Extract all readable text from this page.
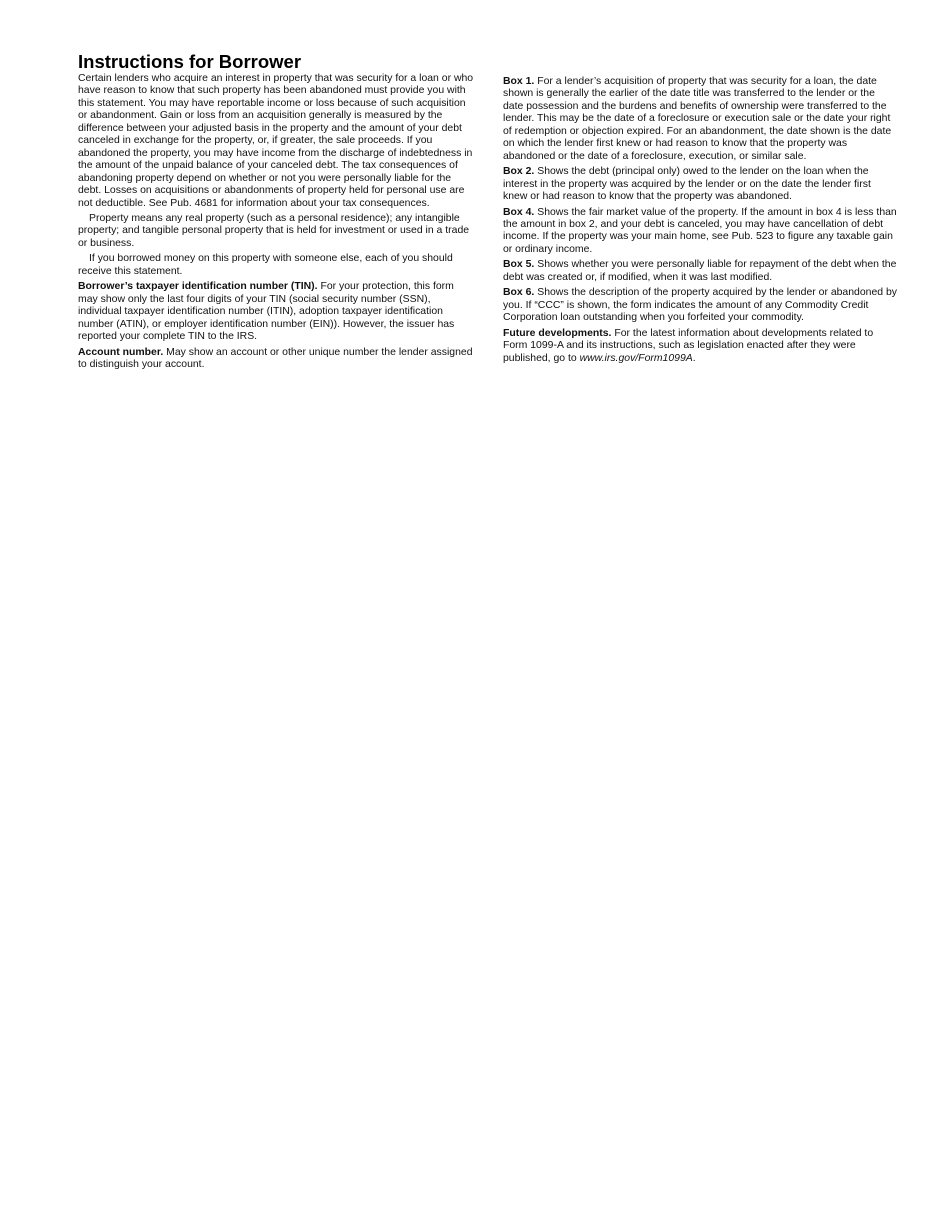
Instructions for Borrower

Certain lenders who acquire an interest in property that was security for a loan or who have reason to know that such property has been abandoned must provide you with this statement. You may have reportable income or loss because of such acquisition or abandonment. Gain or loss from an acquisition generally is measured by the difference between your adjusted basis in the property and the amount of your debt canceled in exchange for the property, or, if greater, the sale proceeds. If you abandoned the property, you may have income from the discharge of indebtedness in the amount of the unpaid balance of your canceled debt. The tax consequences of abandoning property depend on whether or not you were personally liable for the debt. Losses on acquisitions or abandonments of property held for personal use are not deductible. See Pub. 4681 for information about your tax consequences.

Property means any real property (such as a personal residence); any intangible property; and tangible personal property that is held for investment or used in a trade or business.

If you borrowed money on this property with someone else, each of you should receive this statement.

Borrower’s taxpayer identification number (TIN). For your protection, this form may show only the last four digits of your TIN (social security number (SSN), individual taxpayer identification number (ITIN), adoption taxpayer identification number (ATIN), or employer identification number (EIN)). However, the issuer has reported your complete TIN to the IRS.

Account number. May show an account or other unique number the lender assigned to distinguish your account.

Box 1. For a lender’s acquisition of property that was security for a loan, the date shown is generally the earlier of the date title was transferred to the lender or the date possession and the burdens and benefits of ownership were transferred to the lender. This may be the date of a foreclosure or execution sale or the date your right of redemption or objection expired. For an abandonment, the date shown is the date on which the lender first knew or had reason to know that the property was abandoned or the date of a foreclosure, execution, or similar sale.

Box 2. Shows the debt (principal only) owed to the lender on the loan when the interest in the property was acquired by the lender or on the date the lender first knew or had reason to know that the property was abandoned.

Box 4. Shows the fair market value of the property. If the amount in box 4 is less than the amount in box 2, and your debt is canceled, you may have cancellation of debt income. If the property was your main home, see Pub. 523 to figure any taxable gain or ordinary income.

Box 5. Shows whether you were personally liable for repayment of the debt when the debt was created or, if modified, when it was last modified.

Box 6. Shows the description of the property acquired by the lender or abandoned by you. If “CCC” is shown, the form indicates the amount of any Commodity Credit Corporation loan outstanding when you forfeited your commodity.

Future developments. For the latest information about developments related to Form 1099-A and its instructions, such as legislation enacted after they were published, go to www.irs.gov/Form1099A.
